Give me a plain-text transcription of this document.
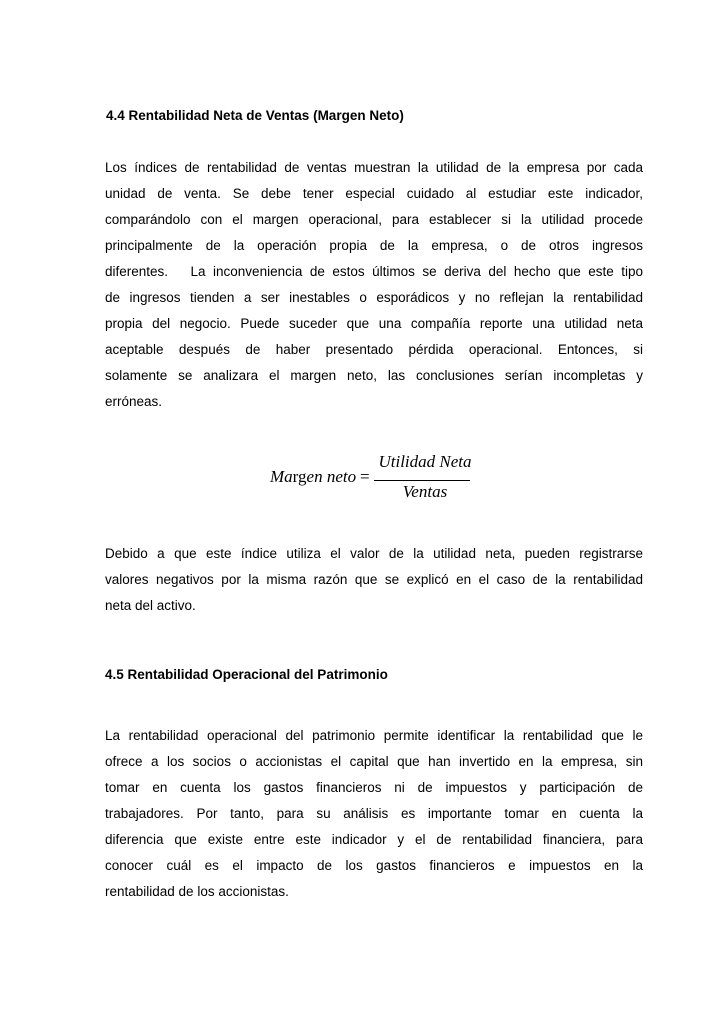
4.4 Rentabilidad Neta de Ventas (Margen Neto)
Los índices de rentabilidad de ventas muestran la utilidad de la empresa por cada
unidad de venta. Se debe tener especial cuidado al estudiar este indicador,
comparándolo con el margen operacional, para establecer si la utilidad procede
principalmente de la operación propia de la empresa, o de otros ingresos
diferentes.   La inconveniencia de estos últimos se deriva del hecho que este tipo
de ingresos tienden a ser inestables o esporádicos y no reflejan la rentabilidad
propia del negocio. Puede suceder que una compañía reporte una utilidad neta
aceptable después de haber presentado pérdida operacional. Entonces, si
solamente se analizara el margen neto, las conclusiones serían incompletas y
erróneas.
Margen neto =
Utilidad Neta
Ventas
Debido a que este índice utiliza el valor de la utilidad neta, pueden registrarse
valores negativos por la misma razón que se explicó en el caso de la rentabilidad
neta del activo.
4.5 Rentabilidad Operacional del Patrimonio
La rentabilidad operacional del patrimonio permite identificar la rentabilidad que le
ofrece a los socios o accionistas el capital que han invertido en la empresa, sin
tomar en cuenta los gastos financieros ni de impuestos y participación de
trabajadores. Por tanto, para su análisis es importante tomar en cuenta la
diferencia que existe entre este indicador y el de rentabilidad financiera, para
conocer cuál es el impacto de los gastos financieros e impuestos en la
rentabilidad de los accionistas.
